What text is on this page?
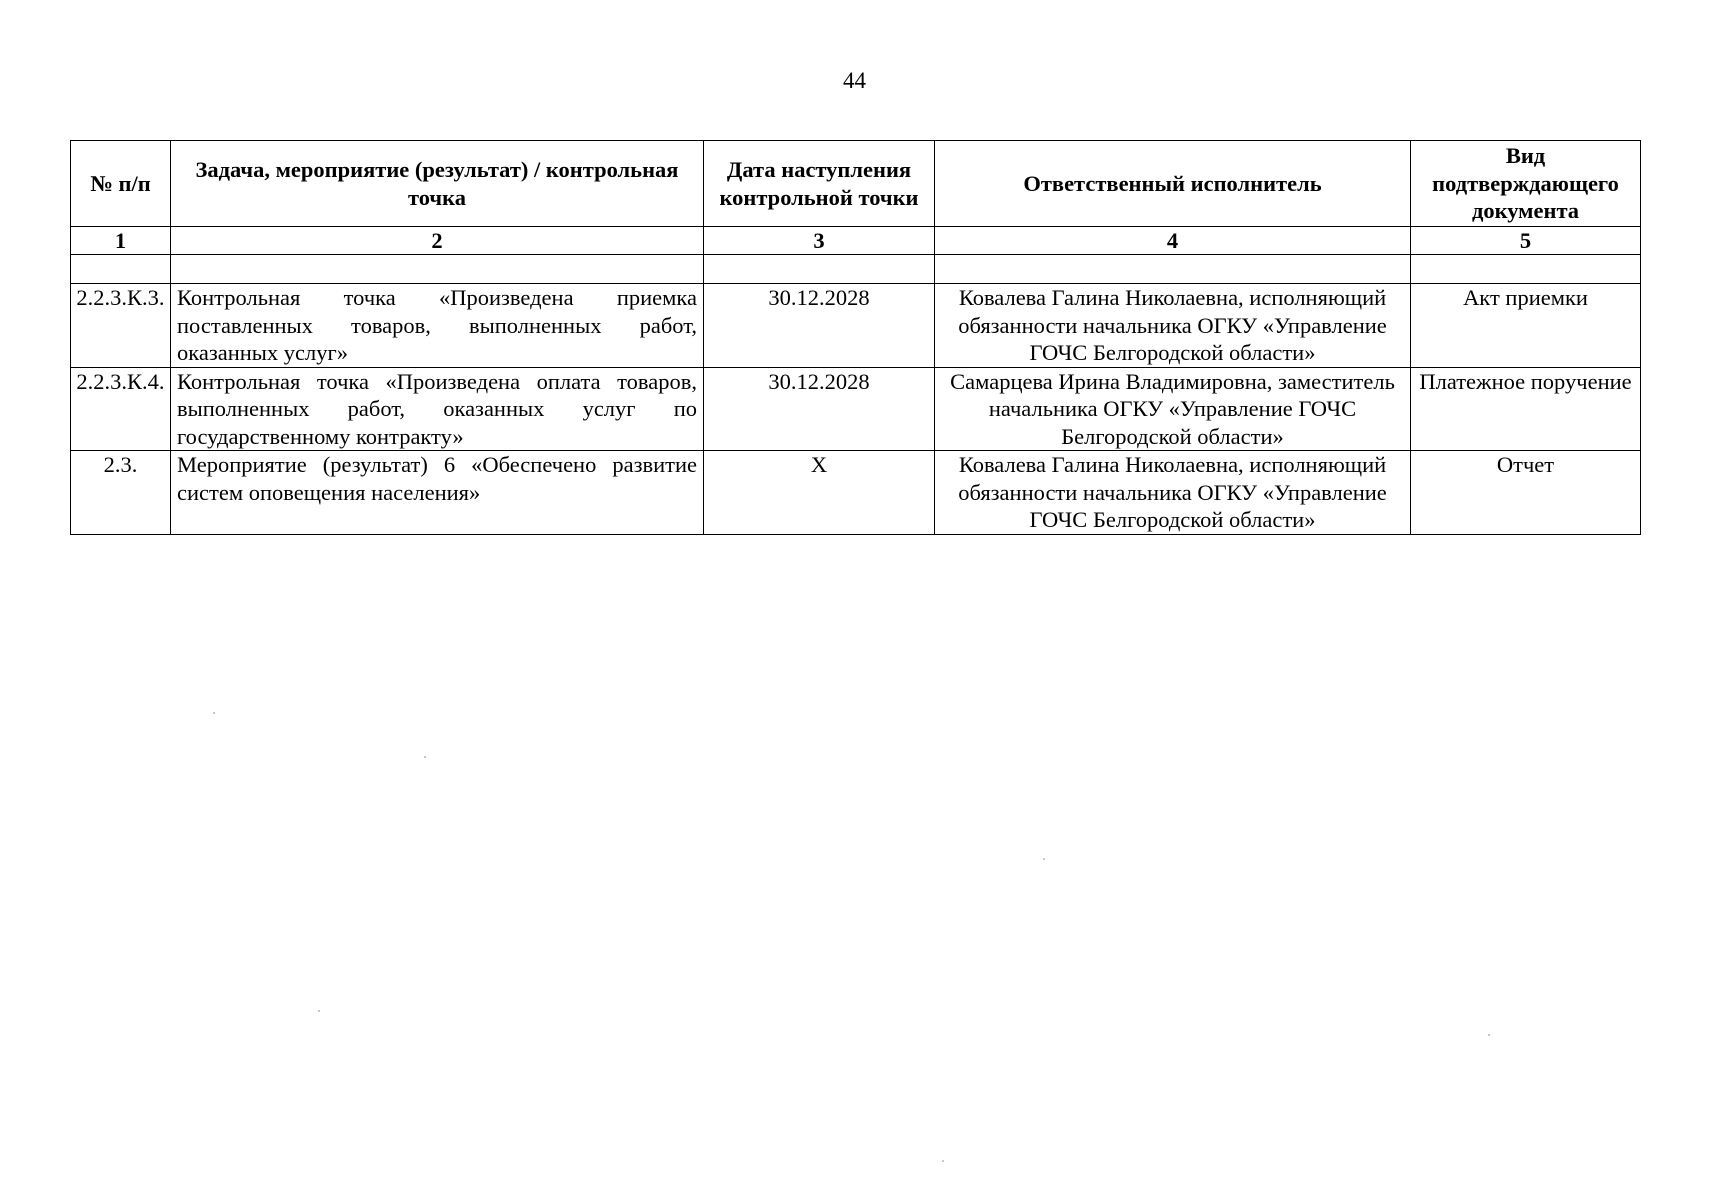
44
№ п/п	Задача, мероприятие (результат) / контрольная точка	Дата наступления контрольной точки	Ответственный исполнитель	Вид подтверждающего документа
1	2	3	4	5

2.2.3.К.3.	Контрольная точка «Произведена приемка поставленных товаров, выполненных работ, оказанных услуг»	30.12.2028	Ковалева Галина Николаевна, исполняющий обязанности начальника ОГКУ «Управление ГОЧС Белгородской области»	Акт приемки
2.2.3.К.4.	Контрольная точка «Произведена оплата товаров, выполненных работ, оказанных услуг по государственному контракту»	30.12.2028	Самарцева Ирина Владимировна, заместитель начальника ОГКУ «Управление ГОЧС Белгородской области»	Платежное поручение
2.3.	Мероприятие (результат) 6 «Обеспечено развитие систем оповещения населения»	Х	Ковалева Галина Николаевна, исполняющий обязанности начальника ОГКУ «Управление ГОЧС Белгородской области»	Отчет
